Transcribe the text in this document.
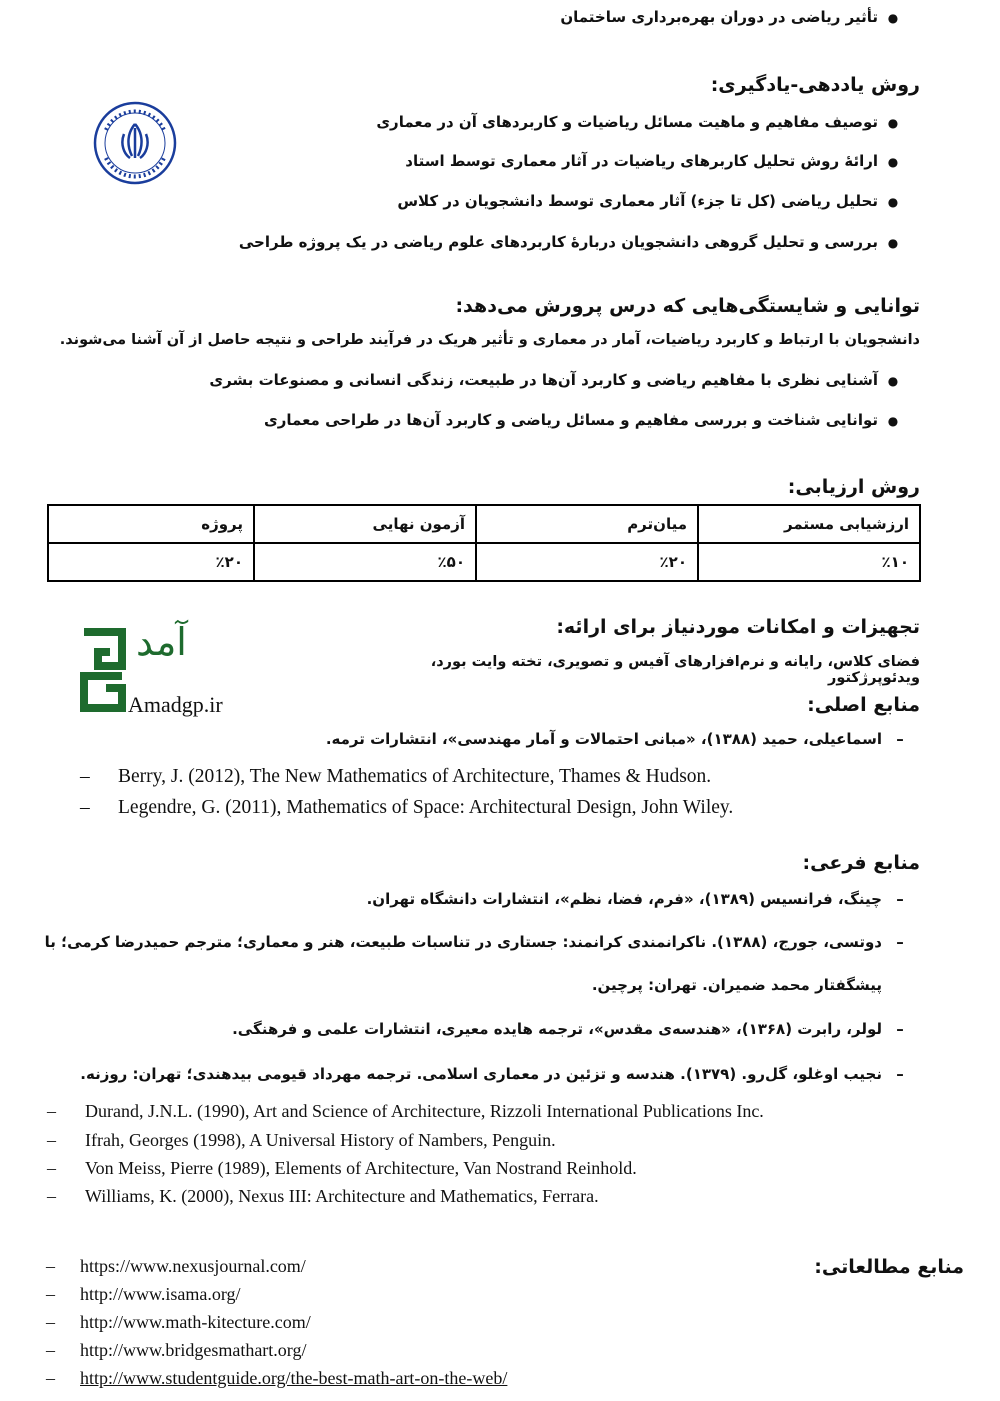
● تأثیر ریاضی در دوران بهره‌برداری ساختمان
روش یاددهی-یادگیری:
● توصیف مفاهیم و ماهیت مسائل ریاضیات و کاربردهای آن در معماری
● ارائهٔ روش تحلیل کاربرهای ریاضیات در آثار معماری توسط استاد
● تحلیل ریاضی (کل تا جزء) آثار معماری توسط دانشجویان در کلاس
● بررسی و تحلیل گروهی دانشجویان دربارهٔ کاربردهای علوم ریاضی در یک پروژه طراحی
توانایی و شایستگی‌هایی که درس پرورش می‌دهد:
دانشجویان با ارتباط و کاربرد ریاضیات، آمار در معماری و تأثیر هریک در فرآیند طراحی و نتیجه حاصل از آن آشنا می‌شوند.
● آشنایی نظری با مفاهیم ریاضی و کاربرد آن‌ها در طبیعت، زندگی انسانی و مصنوعات بشری
● توانایی شناخت و بررسی مفاهیم و مسائل ریاضی و کاربرد آن‌ها در طراحی معماری
روش ارزیابی:
ارزشیابی مستمر	میان‌ترم	آزمون نهایی	پروژه
٪۱۰	٪۲۰	٪۵۰	٪۲۰
تجهیزات و امکانات موردنیاز برای ارائه:
فضای کلاس، رایانه و نرم‌افزارهای آفیس و تصویری، تخته وایت بورد، ویدئوپرژکتور
آمد
Amadgp.ir	منابع اصلی:
– اسماعیلی، حمید (۱۳۸۸)، «مبانی احتمالات و آمار مهندسی»، انتشارات ترمه.
– Berry, J. (2012), The New Mathematics of Architecture, Thames & Hudson.
– Legendre, G. (2011), Mathematics of Space: Architectural Design, John Wiley.
منابع فرعی:
– چینگ، فرانسیس (۱۳۸۹)، «فرم، فضا، نظم»، انتشارات دانشگاه تهران.
– دوتسی، جورج، (۱۳۸۸). ناکرانمندی کرانمند: جستاری در تناسبات طبیعت، هنر و معماری؛ مترجم حمیدرضا کرمی؛ با
پیشگفتار محمد ضمیران. تهران: پرچین.
– لولر، رابرت (۱۳۶۸)، «هندسه‌ی مقدس»، ترجمه هایده معیری، انتشارات علمی و فرهنگی.
– نجیب اوغلو، گل‌رو. (۱۳۷۹). هندسه و تزئین در معماری اسلامی. ترجمه مهرداد قیومی بیدهندی؛ تهران: روزنه.
– Durand, J.N.L. (1990), Art and Science of Architecture, Rizzoli International Publications Inc.
– Ifrah, Georges (1998), A Universal History of Nambers, Penguin.
– Von Meiss, Pierre (1989), Elements of Architecture, Van Nostrand Reinhold.
– Williams, K. (2000), Nexus III: Architecture and Mathematics, Ferrara.
منابع مطالعاتی:
– https://www.nexusjournal.com/
– http://www.isama.org/
– http://www.math-kitecture.com/
– http://www.bridgesmathart.org/
– http://www.studentguide.org/the-best-math-art-on-the-web/
